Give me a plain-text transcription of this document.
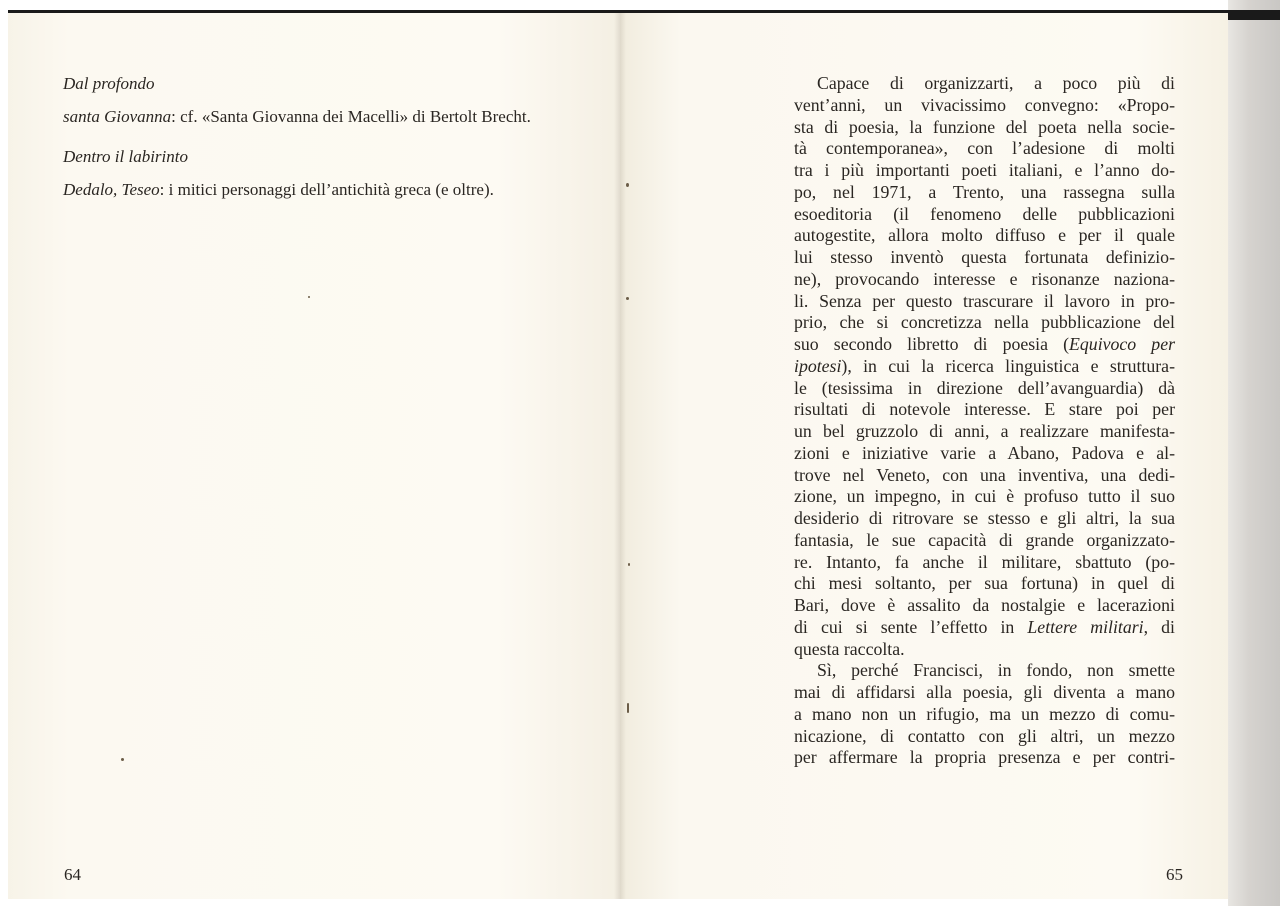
Dal profondo

santa Giovanna: cf. «Santa Giovanna dei Macelli» di Bertolt Brecht.

Dentro il labirinto

Dedalo, Teseo: i mitici personaggi dell’antichità greca (e oltre).

64	65
Capace di organizzarti, a poco più di
vent’anni, un vivacissimo convegno: «Propo-
sta di poesia, la funzione del poeta nella socie-
tà contemporanea», con l’adesione di molti
tra i più importanti poeti italiani, e l’anno do-
po, nel 1971, a Trento, una rassegna sulla
esoeditoria (il fenomeno delle pubblicazioni
autogestite, allora molto diffuso e per il quale
lui stesso inventò questa fortunata definizio-
ne), provocando interesse e risonanze naziona-
li. Senza per questo trascurare il lavoro in pro-
prio, che si concretizza nella pubblicazione del
suo secondo libretto di poesia (Equivoco per
ipotesi), in cui la ricerca linguistica e struttura-
le (tesissima in direzione dell’avanguardia) dà
risultati di notevole interesse. E stare poi per
un bel gruzzolo di anni, a realizzare manifesta-
zioni e iniziative varie a Abano, Padova e al-
trove nel Veneto, con una inventiva, una dedi-
zione, un impegno, in cui è profuso tutto il suo
desiderio di ritrovare se stesso e gli altri, la sua
fantasia, le sue capacità di grande organizzato-
re. Intanto, fa anche il militare, sbattuto (po-
chi mesi soltanto, per sua fortuna) in quel di
Bari, dove è assalito da nostalgie e lacerazioni
di cui si sente l’effetto in Lettere militari, di
questa raccolta.
Sì, perché Francisci, in fondo, non smette
mai di affidarsi alla poesia, gli diventa a mano
a mano non un rifugio, ma un mezzo di comu-
nicazione, di contatto con gli altri, un mezzo
per affermare la propria presenza e per contri-
